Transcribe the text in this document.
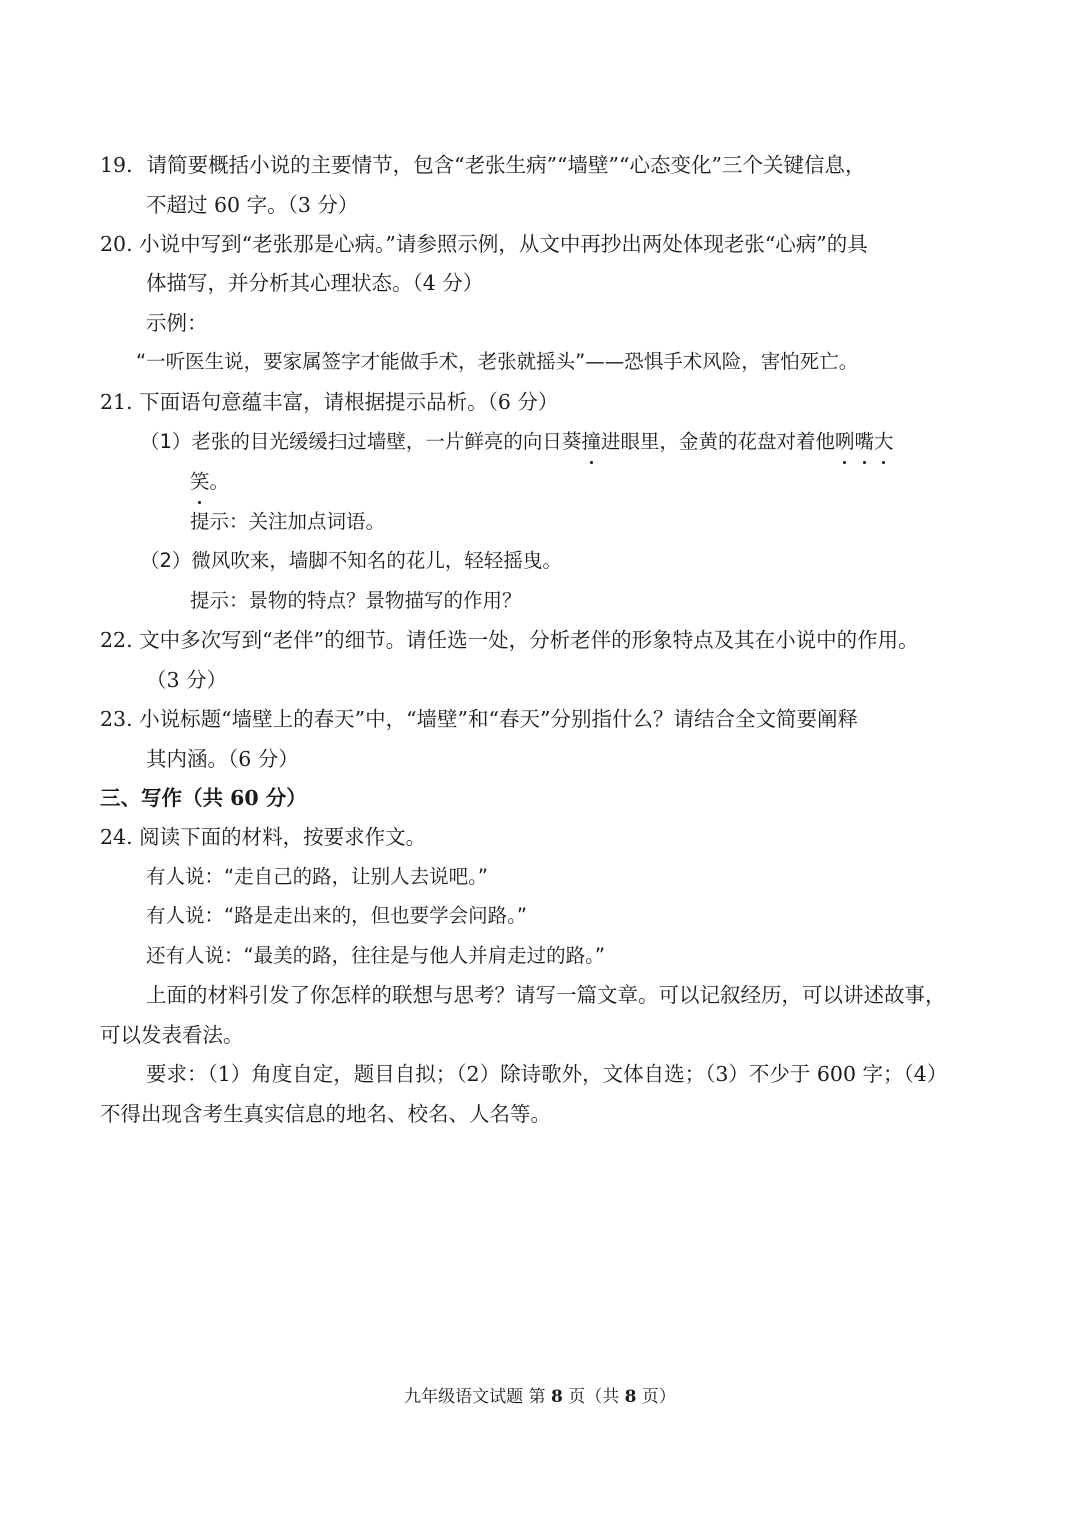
19．请简要概括小说的主要情节，包含“老张生病”“墙壁”“心态变化”三个关键信息，
不超过 60 字。（3 分）
20. 小说中写到“老张那是心病。”请参照示例，从文中再抄出两处体现老张“心病”的具
体描写，并分析其心理状态。（4 分）
示例：
“一听医生说，要家属签字才能做手术，老张就摇头”——恐惧手术风险，害怕死亡。
21. 下面语句意蕴丰富，请根据提示品析。（6 分）
（1）老张的目光缓缓扫过墙壁，一片鲜亮的向日葵撞进眼里，金黄的花盘对着他咧嘴大
笑。
提示：关注加点词语。
（2）微风吹来，墙脚不知名的花儿，轻轻摇曳。
提示：景物的特点？景物描写的作用？
22. 文中多次写到“老伴”的细节。请任选一处，分析老伴的形象特点及其在小说中的作用。
（3 分）
23. 小说标题“墙壁上的春天”中，“墙壁”和“春天”分别指什么？请结合全文简要阐释
其内涵。（6 分）
三、写作（共 60 分）
24. 阅读下面的材料，按要求作文。
有人说：“走自己的路，让别人去说吧。”
有人说：“路是走出来的，但也要学会问路。”
还有人说：“最美的路，往往是与他人并肩走过的路。”
上面的材料引发了你怎样的联想与思考？请写一篇文章。可以记叙经历，可以讲述故事，
可以发表看法。
要求：（1）角度自定，题目自拟；（2）除诗歌外，文体自选；（3）不少于 600 字；（4）
不得出现含考生真实信息的地名、校名、人名等。
九年级语文试题 第 8 页（共 8 页）
